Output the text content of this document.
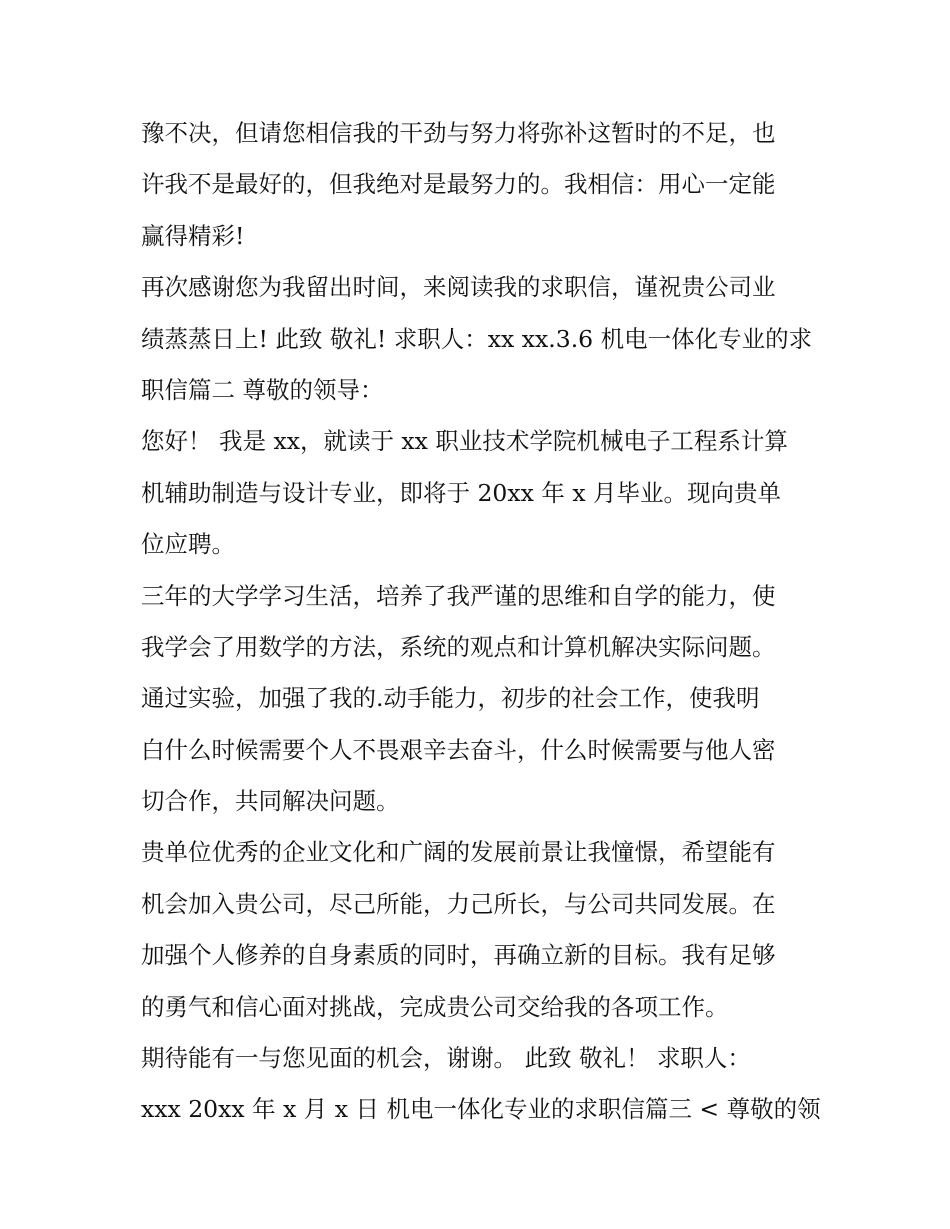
豫不决，但请您相信我的干劲与努力将弥补这暂时的不足，也
许我不是最好的，但我绝对是最努力的。我相信：用心一定能
赢得精彩!
再次感谢您为我留出时间，来阅读我的求职信，谨祝贵公司业
绩蒸蒸日上! 此致 敬礼! 求职人：xx xx.3.6 机电一体化专业的求
职信篇二 尊敬的领导：
您好！ 我是 xx，就读于 xx 职业技术学院机械电子工程系计算
机辅助制造与设计专业，即将于 20xx 年 x 月毕业。现向贵单
位应聘。
三年的大学学习生活，培养了我严谨的思维和自学的能力，使
我学会了用数学的方法，系统的观点和计算机解决实际问题。
通过实验，加强了我的.动手能力，初步的社会工作，使我明
白什么时候需要个人不畏艰辛去奋斗，什么时候需要与他人密
切合作，共同解决问题。
贵单位优秀的企业文化和广阔的发展前景让我憧憬，希望能有
机会加入贵公司，尽己所能，力己所长，与公司共同发展。在
加强个人修养的自身素质的同时，再确立新的目标。我有足够
的勇气和信心面对挑战，完成贵公司交给我的各项工作。
期待能有一与您见面的机会，谢谢。 此致 敬礼！ 求职人：
xxx 20xx 年 x 月 x 日 机电一体化专业的求职信篇三 < 尊敬的领
